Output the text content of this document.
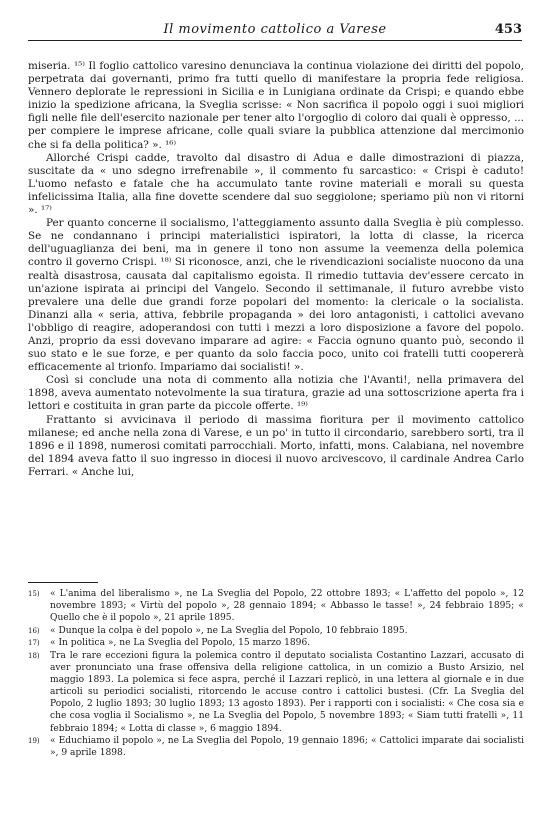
Il movimento cattolico a Varese	453

miseria. ¹⁵⁾ Il foglio cattolico varesino denunciava la continua violazione dei diritti del popolo, perpetrata dai governanti, primo fra tutti quello di manifestare la propria fede religiosa. Vennero deplorate le repressioni in Sicilia e in Lunigiana ordinate da Crispi; e quando ebbe inizio la spedizione africana, la Sveglia scrisse: « Non sacrifica il popolo oggi i suoi migliori figli nelle file dell'esercito nazionale per tener alto l'orgoglio di coloro dai quali è oppresso, ... per compiere le imprese africane, colle quali sviare la pubblica attenzione dal mercimonio che si fa della politica? ». ¹⁶⁾

Allorché Crispi cadde, travolto dal disastro di Adua e dalle dimostrazioni di piazza, suscitate da « uno sdegno irrefrenabile », il commento fu sarcastico: « Crispi è caduto! L'uomo nefasto e fatale che ha accumulato tante rovine materiali e morali su questa infelicissima Italia, alla fine dovette scendere dal suo seggiolone; speriamo più non vi ritorni ». ¹⁷⁾

Per quanto concerne il socialismo, l'atteggiamento assunto dalla Sveglia è più complesso. Se ne condannano i principi materialistici ispiratori, la lotta di classe, la ricerca dell'uguaglianza dei beni, ma in genere il tono non assume la veemenza della polemica contro il governo Crispi. ¹⁸⁾ Si riconosce, anzi, che le rivendicazioni socialiste nuocono da una realtà disastrosa, causata dal capitalismo egoista. Il rimedio tuttavia dev'essere cercato in un'azione ispirata ai principi del Vangelo. Secondo il settimanale, il futuro avrebbe visto prevalere una delle due grandi forze popolari del momento: la clericale o la socialista. Dinanzi alla « seria, attiva, febbrile propaganda » dei loro antagonisti, i cattolici avevano l'obbligo di reagire, adoperandosi con tutti i mezzi a loro disposizione a favore del popolo. Anzi, proprio da essi dovevano imparare ad agire: « Faccia ognuno quanto può, secondo il suo stato e le sue forze, e per quanto da solo faccia poco, unito coi fratelli tutti coopererà efficacemente al trionfo. Impariamo dai socialisti! ».

Così si conclude una nota di commento alla notizia che l'Avanti!, nella primavera del 1898, aveva aumentato notevolmente la sua tiratura, grazie ad una sottoscrizione aperta fra i lettori e costituita in gran parte da piccole offerte. ¹⁹⁾

Frattanto si avvicinava il periodo di massima fioritura per il movimento cattolico milanese; ed anche nella zona di Varese, e un po' in tutto il circondario, sarebbero sorti, tra il 1896 e il 1898, numerosi comitati parrocchiali. Morto, infatti, mons. Calabiana, nel novembre del 1894 aveva fatto il suo ingresso in diocesi il nuovo arcivescovo, il cardinale Andrea Carlo Ferrari. « Anche lui,

15) « L'anima del liberalismo », ne La Sveglia del Popolo, 22 ottobre 1893; « L'affetto del popolo », 12 novembre 1893; « Virtù del popolo », 28 gennaio 1894; « Abbasso le tasse! », 24 febbraio 1895; « Quello che è il popolo », 21 aprile 1895.
16) « Dunque la colpa è del popolo », ne La Sveglia del Popolo, 10 febbraio 1895.
17) « In politica », ne La Sveglia del Popolo, 15 marzo 1896.
18) Tra le rare eccezioni figura la polemica contro il deputato socialista Costantino Lazzari, accusato di aver pronunciato una frase offensiva della religione cattolica, in un comizio a Busto Arsizio, nel maggio 1893. La polemica si fece aspra, perché il Lazzari replicò, in una lettera al giornale e in due articoli su periodici socialisti, ritorcendo le accuse contro i cattolici bustesi. (Cfr. La Sveglia del Popolo, 2 luglio 1893; 30 luglio 1893; 13 agosto 1893). Per i rapporti con i socialisti: « Che cosa sia e che cosa voglia il Socialismo », ne La Sveglia del Popolo, 5 novembre 1893; « Siam tutti fratelli », 11 febbraio 1894; « Lotta di classe », 6 maggio 1894.
19) « Educhiamo il popolo », ne La Sveglia del Popolo, 19 gennaio 1896; « Cattolici imparate dai socialisti », 9 aprile 1898.
